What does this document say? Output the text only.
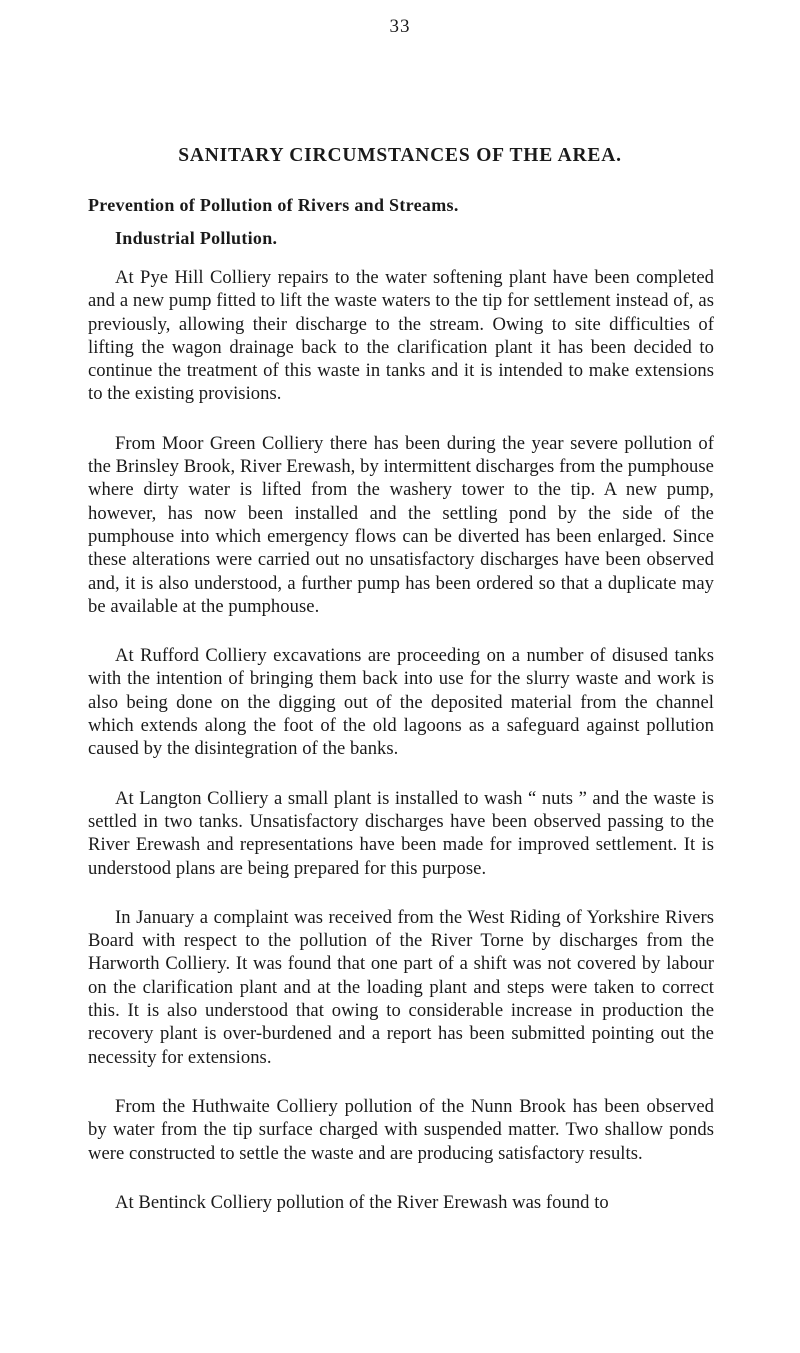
33
SANITARY CIRCUMSTANCES OF THE AREA.
Prevention of Pollution of Rivers and Streams.
Industrial Pollution.

At Pye Hill Colliery repairs to the water softening plant have been completed and a new pump fitted to lift the waste waters to the tip for settlement instead of, as previously, allowing their discharge to the stream. Owing to site difficulties of lifting the wagon drainage back to the clarification plant it has been decided to continue the treatment of this waste in tanks and it is intended to make extensions to the existing provisions.

From Moor Green Colliery there has been during the year severe pollution of the Brinsley Brook, River Erewash, by intermittent discharges from the pumphouse where dirty water is lifted from the washery tower to the tip. A new pump, however, has now been installed and the settling pond by the side of the pumphouse into which emergency flows can be diverted has been enlarged. Since these alterations were carried out no unsatisfactory discharges have been observed and, it is also understood, a further pump has been ordered so that a duplicate may be available at the pumphouse.

At Rufford Colliery excavations are proceeding on a number of disused tanks with the intention of bringing them back into use for the slurry waste and work is also being done on the digging out of the deposited material from the channel which extends along the foot of the old lagoons as a safeguard against pollution caused by the disintegration of the banks.

At Langton Colliery a small plant is installed to wash “ nuts ” and the waste is settled in two tanks. Unsatisfactory discharges have been observed passing to the River Erewash and representations have been made for improved settlement. It is understood plans are being prepared for this purpose.

In January a complaint was received from the West Riding of Yorkshire Rivers Board with respect to the pollution of the River Torne by discharges from the Harworth Colliery. It was found that one part of a shift was not covered by labour on the clarification plant and at the loading plant and steps were taken to correct this. It is also understood that owing to considerable increase in production the recovery plant is over-burdened and a report has been submitted pointing out the necessity for extensions.

From the Huthwaite Colliery pollution of the Nunn Brook has been observed by water from the tip surface charged with suspended matter. Two shallow ponds were constructed to settle the waste and are producing satisfactory results.

At Bentinck Colliery pollution of the River Erewash was found to
